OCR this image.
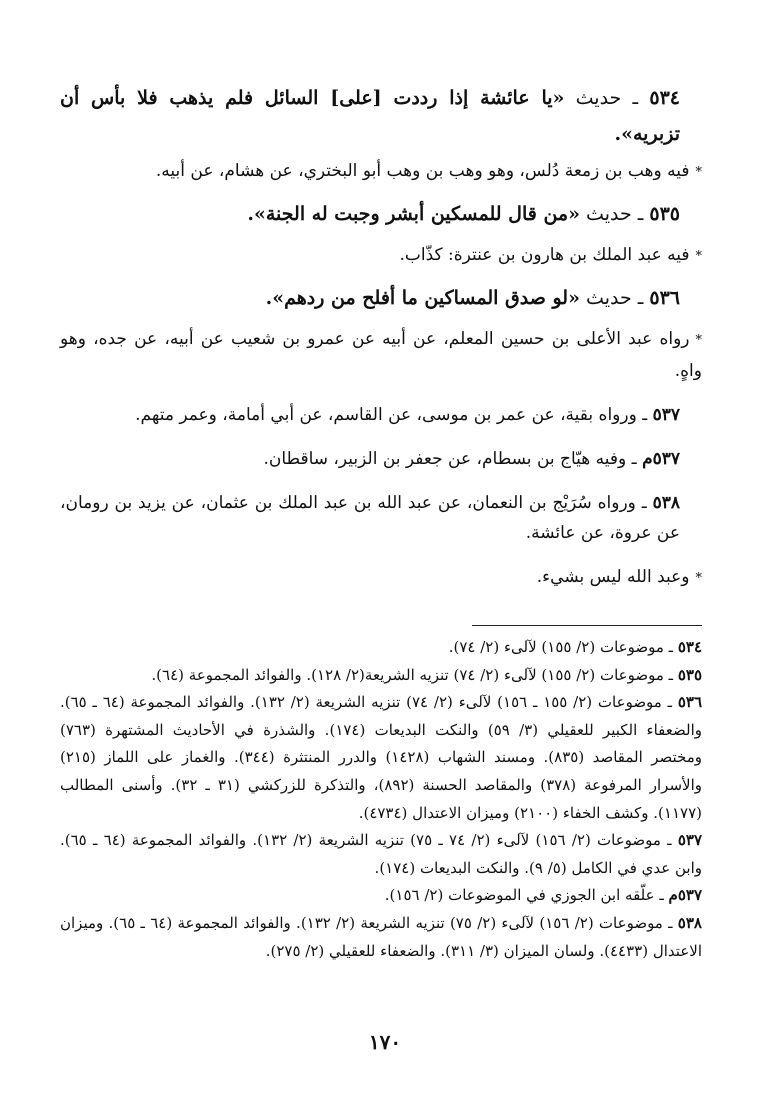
٥٣٤ ـ حديث «يا عائشة إذا رددت [على] السائل فلم يذهب فلا بأس أن تزبريه».

*فيه وهب بن زمعة دُلس، وهو وهب بن وهب أبو البختري، عن هشام، عن أبيه.

٥٣٥ ـ حديث «من قال للمسكين أبشر وجبت له الجنة».

*فيه عبد الملك بن هارون بن عنترة: كذّاب.

٥٣٦ ـ حديث «لو صدق المساكين ما أفلح من ردهم».

*رواه عبد الأعلى بن حسين المعلم، عن أبيه عن عمرو بن شعيب عن أبيه، عن جده، وهو واهٍ.

٥٣٧ ـ ورواه بقية، عن عمر بن موسى، عن القاسم، عن أبي أمامة، وعمر متهم.

٥٣٧م ـ وفيه هيّاج بن بسطام، عن جعفر بن الزبير، ساقطان.

٥٣٨ ـ ورواه سُرَيْج بن النعمان، عن عبد الله بن عبد الملك بن عثمان، عن يزيد بن رومان، عن عروة، عن عائشة.

*وعبد الله ليس بشيء.

٥٣٤ ـ موضوعات (٢/ ١٥٥) لآلىء (٢/ ٧٤).

٥٣٥ ـ موضوعات (٢/ ١٥٥) لآلىء (٢/ ٧٤) تنزيه الشريعة(٢/ ١٢٨). والفوائد المجموعة (٦٤).

٥٣٦ ـ موضوعات (٢/ ١٥٥ ـ ١٥٦) لآلىء (٢/ ٧٤) تنزيه الشريعة (٢/ ١٣٢). والفوائد المجموعة (٦٤ ـ ٦٥). والضعفاء الكبير للعقيلي (٣/ ٥٩) والنكت البديعات (١٧٤). والشذرة في الأحاديث المشتهرة (٧٦٣) ومختصر المقاصد (٨٣٥). ومسند الشهاب (١٤٢٨) والدرر المنتثرة (٣٤٤). والغماز على اللماز (٢١٥) والأسرار المرفوعة (٣٧٨) والمقاصد الحسنة (٨٩٢)، والتذكرة للزركشي (٣١ ـ ٣٢). وأسنى المطالب (١١٧٧). وكشف الخفاء (٢١٠٠) وميزان الاعتدال (٤٧٣٤).

٥٣٧ ـ موضوعات (٢/ ١٥٦) لآلىء (٢/ ٧٤ ـ ٧٥) تنزيه الشريعة (٢/ ١٣٢). والفوائد المجموعة (٦٤ ـ ٦٥). وابن عدي في الكامل (٥/ ٩). والنكت البديعات (١٧٤).

٥٣٧م ـ علّقه ابن الجوزي في الموضوعات (٢/ ١٥٦).

٥٣٨ ـ موضوعات (٢/ ١٥٦) لآلىء (٢/ ٧٥) تنزيه الشريعة (٢/ ١٣٢). والفوائد المجموعة (٦٤ ـ ٦٥). وميزان الاعتدال (٤٤٣٣). ولسان الميزان (٣/ ٣١١). والضعفاء للعقيلي (٢/ ٢٧٥).

١٧٠
